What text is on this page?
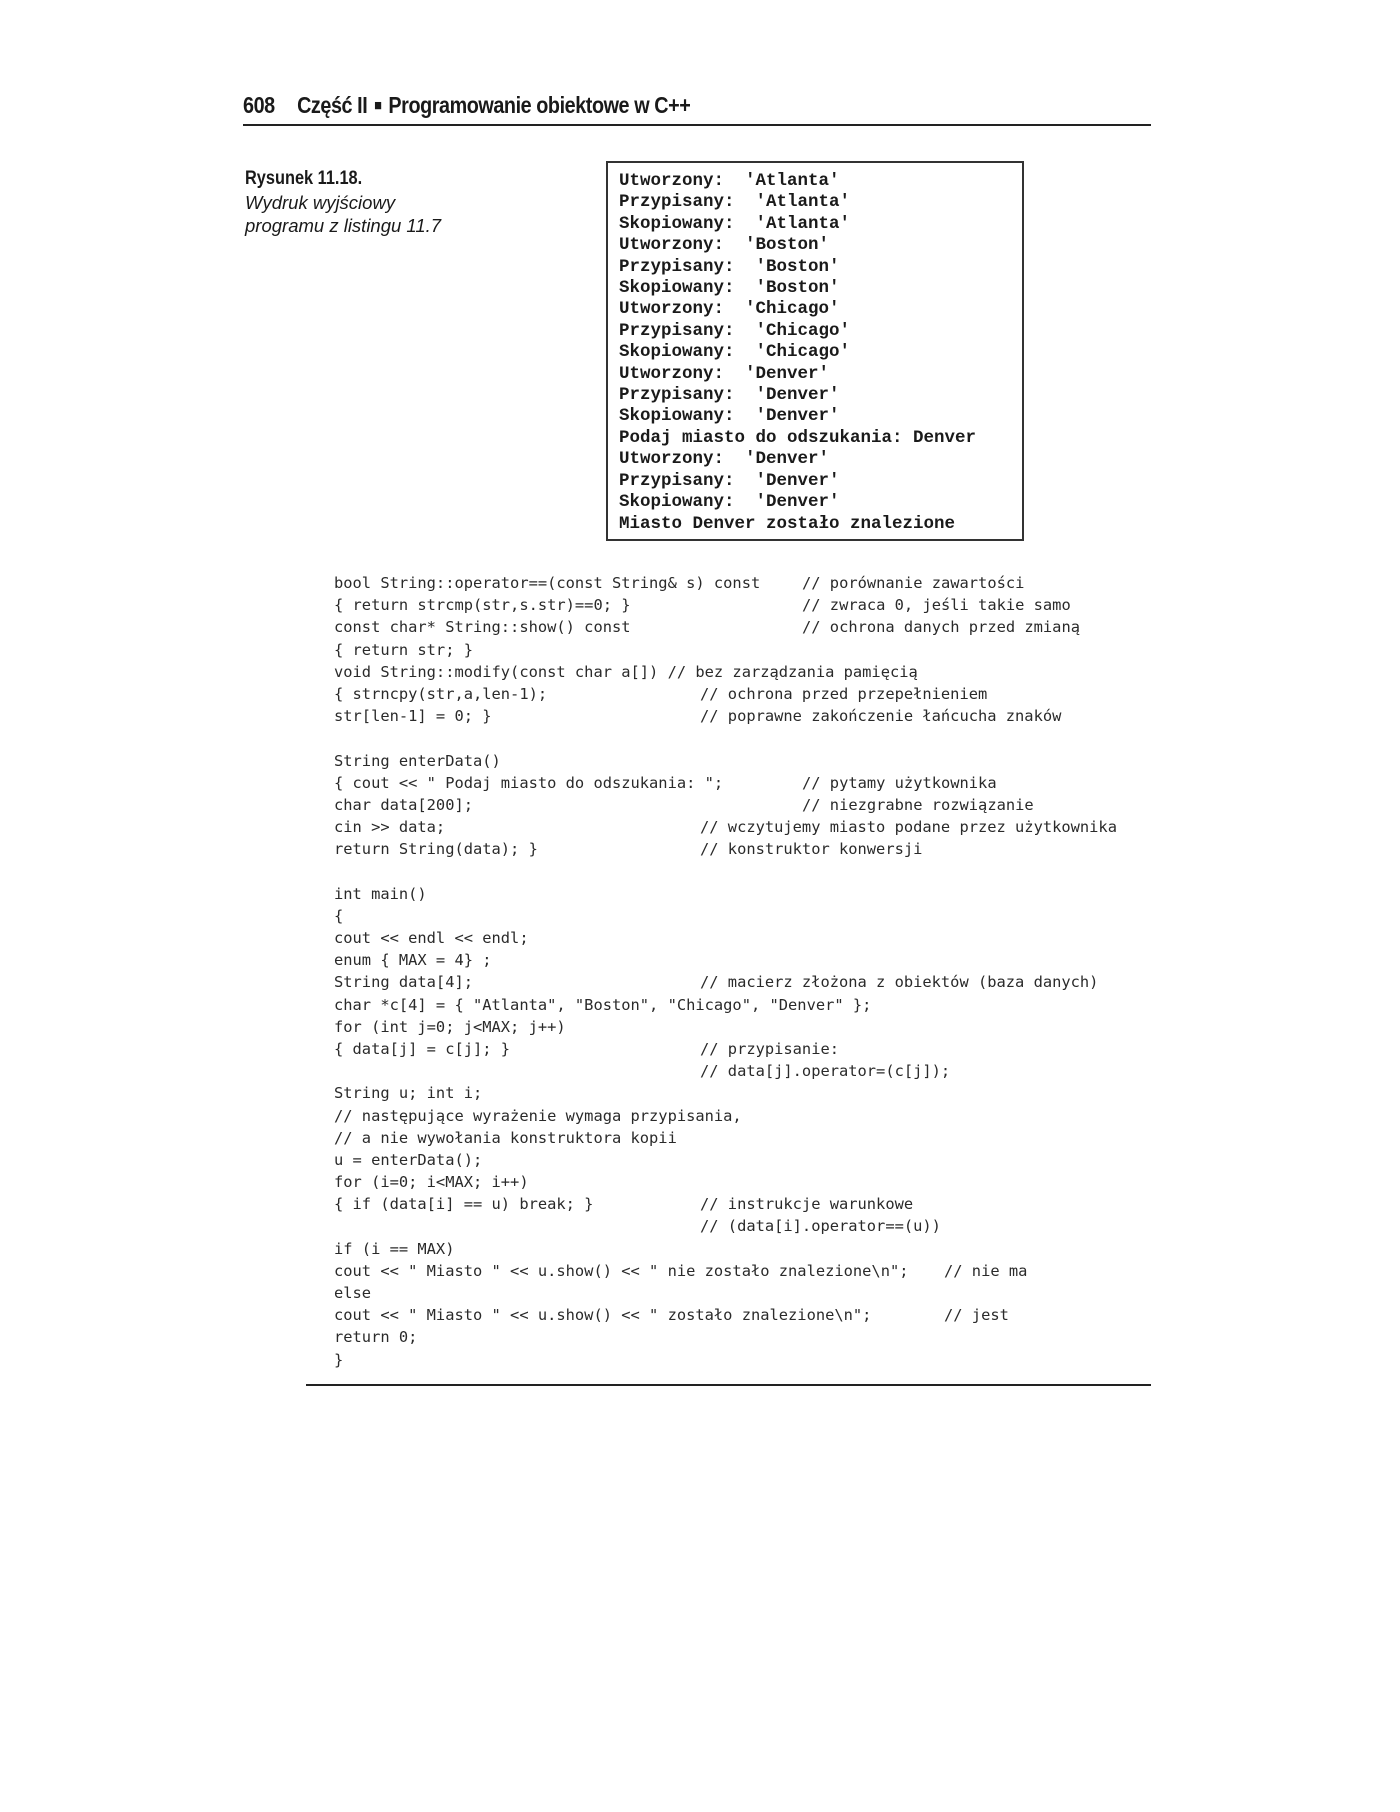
608 Część II ■ Programowanie obiektowe w C++
Rysunek 11.18.
Wydruk wyjściowy
programu z listingu 11.7
Utworzony:  'Atlanta'
Przypisany:  'Atlanta'
Skopiowany:  'Atlanta'
Utworzony:  'Boston'
Przypisany:  'Boston'
Skopiowany:  'Boston'
Utworzony:  'Chicago'
Przypisany:  'Chicago'
Skopiowany:  'Chicago'
Utworzony:  'Denver'
Przypisany:  'Denver'
Skopiowany:  'Denver'
Podaj miasto do odszukania: Denver
Utworzony:  'Denver'
Przypisany:  'Denver'
Skopiowany:  'Denver'
Miasto Denver zostało znalezione
bool String::operator==(const String& s) const	// porównanie zawartości
{ return strcmp(str,s.str)==0; }	// zwraca 0, jeśli takie samo
const char* String::show() const	// ochrona danych przed zmianą
{ return str; }
void String::modify(const char a[]) // bez zarządzania pamięcią
{ strncpy(str,a,len-1);	// ochrona przed przepełnieniem
str[len-1] = 0; }	// poprawne zakończenie łańcucha znaków
String enterData()
{ cout << " Podaj miasto do odszukania: ";	// pytamy użytkownika
char data[200];	// niezgrabne rozwiązanie
cin >> data;	// wczytujemy miasto podane przez użytkownika
return String(data); }	// konstruktor konwersji
int main()
{
cout << endl << endl;
enum { MAX = 4} ;
String data[4];	// macierz złożona z obiektów (baza danych)
char *c[4] = { "Atlanta", "Boston", "Chicago", "Denver" };
for (int j=0; j<MAX; j++)
{ data[j] = c[j]; }	// przypisanie:
// data[j].operator=(c[j]);
String u; int i;
// następujące wyrażenie wymaga przypisania,
// a nie wywołania konstruktora kopii
u = enterData();
for (i=0; i<MAX; i++)
{ if (data[i] == u) break; }	// instrukcje warunkowe
// (data[i].operator==(u))
if (i == MAX)
cout << " Miasto " << u.show() << " nie zostało znalezione\n"; // nie ma
else
cout << " Miasto " << u.show() << " zostało znalezione\n";	// jest
return 0;
}
